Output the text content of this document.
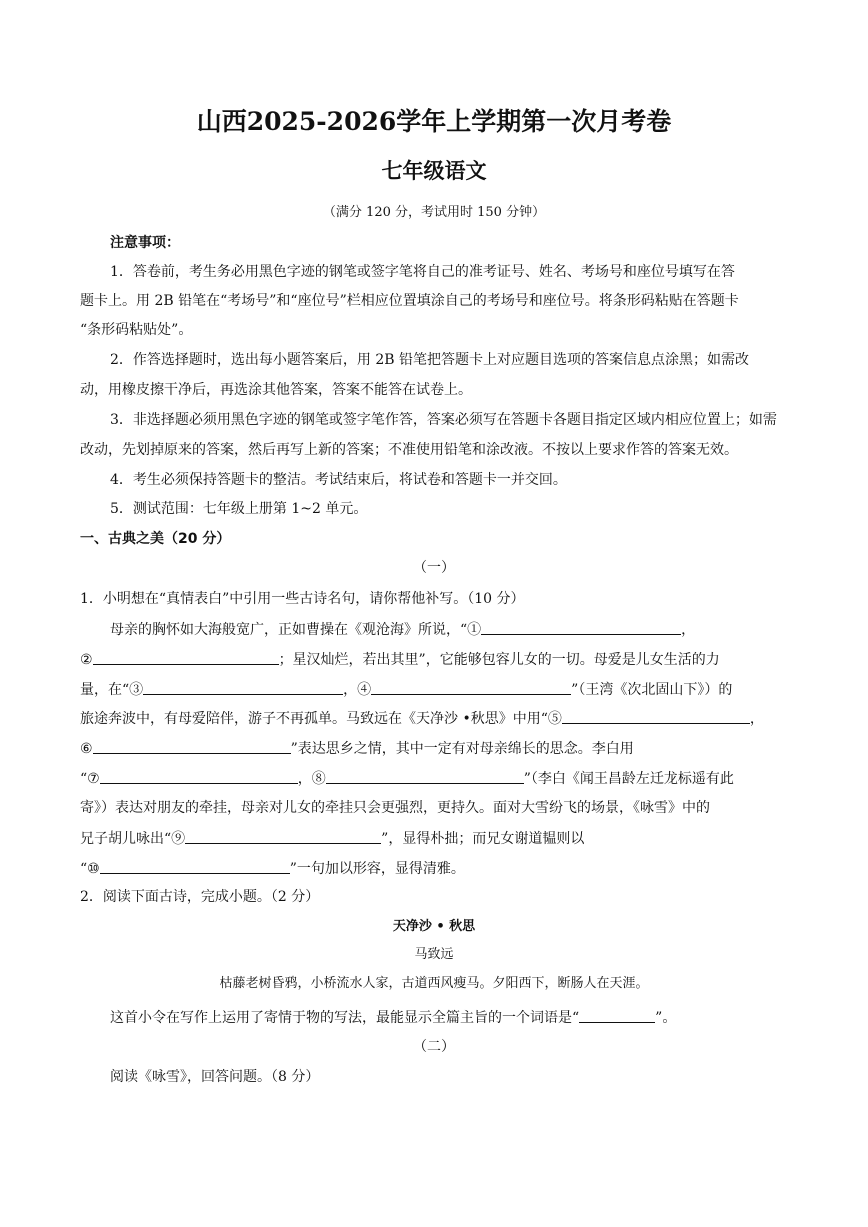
山西2025-2026学年上学期第一次月考卷
七年级语文
（满分 120 分，考试用时 150 分钟）
注意事项：
1．答卷前，考生务必用黑色字迹的钢笔或签字笔将自己的准考证号、姓名、考场号和座位号填写在答
题卡上。用 2B 铅笔在“考场号”和“座位号”栏相应位置填涂自己的考场号和座位号。将条形码粘贴在答题卡
“条形码粘贴处”。
2．作答选择题时，选出每小题答案后，用 2B 铅笔把答题卡上对应题目选项的答案信息点涂黑；如需改
动，用橡皮擦干净后，再选涂其他答案，答案不能答在试卷上。
3．非选择题必须用黑色字迹的钢笔或签字笔作答，答案必须写在答题卡各题目指定区域内相应位置上；如需
改动，先划掉原来的答案，然后再写上新的答案；不准使用铅笔和涂改液。不按以上要求作答的答案无效。
4．考生必须保持答题卡的整洁。考试结束后，将试卷和答题卡一并交回。
5．测试范围：七年级上册第 1~2 单元。
一、古典之美（20 分）
（一）
1．小明想在“真情表白”中引用一些古诗名句，请你帮他补写。（10 分）
母亲的胸怀如大海般宽广，正如曹操在《观沧海》所说，“①	，
②	；星汉灿烂，若出其里”，它能够包容儿女的一切。母爱是儿女生活的力
量，在“③	，④	”（王湾《次北固山下》）的
旅途奔波中，有母爱陪伴，游子不再孤单。马致远在《天净沙 •秋思》中用“⑤	，
⑥	”表达思乡之情，其中一定有对母亲绵长的思念。李白用
“⑦	，⑧	”（李白《闻王昌龄左迁龙标遥有此
寄》）表达对朋友的牵挂，母亲对儿女的牵挂只会更强烈，更持久。面对大雪纷飞的场景，《咏雪》中的
兄子胡儿咏出“⑨	”，显得朴拙；而兄女谢道韫则以
“⑩	”一句加以形容，显得清雅。
2．阅读下面古诗，完成小题。（2 分）
天净沙 • 秋思
马致远
枯藤老树昏鸦，小桥流水人家，古道西风瘦马。夕阳西下，断肠人在天涯。
这首小令在写作上运用了寄情于物的写法，最能显示全篇主旨的一个词语是“	”。
（二）
阅读《咏雪》，回答问题。（8 分）
